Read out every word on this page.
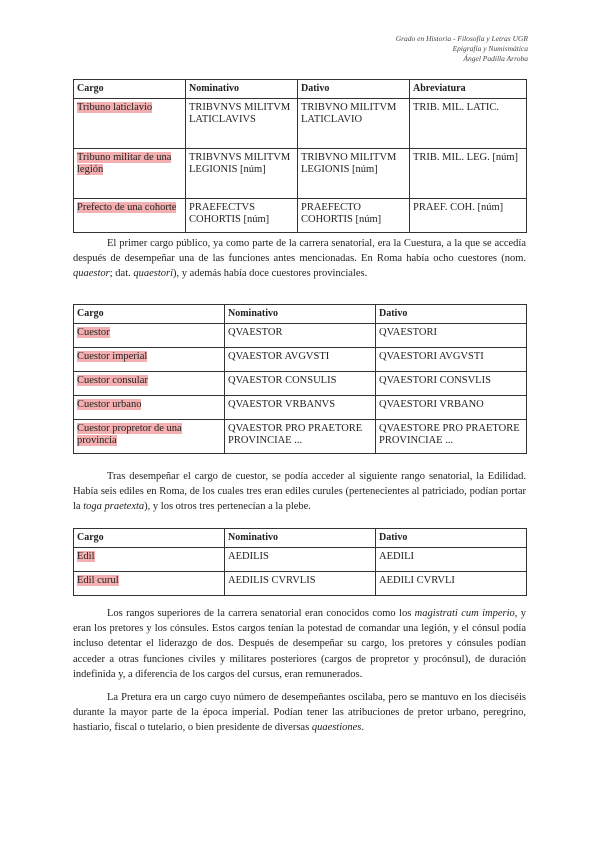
Grado en Historia - Filosofía y Letras UGR
Epigrafía y Numismática
Ángel Padilla Arroba
Cargo	Nominativo	Dativo	Abreviatura
Tribuno laticlavio	TRIBVNVS MILITVM LATICLAVIVS	TRIBVNO MILITVM LATICLAVIO	TRIB. MIL. LATIC.
Tribuno militar de una legión	TRIBVNVS MILITVM LEGIONIS [núm]	TRIBVNO MILITVM LEGIONIS [núm]	TRIB. MIL. LEG. [núm]
Prefecto de una cohorte	PRAEFECTVS COHORTIS [núm]	PRAEFECTO COHORTIS [núm]	PRAEF. COH. [núm]

El primer cargo público, ya como parte de la carrera senatorial, era la Cuestura, a la que se accedía después de desempeñar una de las funciones antes mencionadas. En Roma había ocho cuestores (nom. quaestor; dat. quaestori), y además había doce cuestores provinciales.

Cargo	Nominativo	Dativo
Cuestor	QVAESTOR	QVAESTORI
Cuestor imperial	QVAESTOR AVGVSTI	QVAESTORI AVGVSTI
Cuestor consular	QVAESTOR CONSULIS	QVAESTORI CONSVLIS
Cuestor urbano	QVAESTOR VRBANVS	QVAESTORI VRBANO
Cuestor propretor de una provincia	QVAESTOR PRO PRAETORE PROVINCIAE ...	QVAESTORE PRO PRAETORE PROVINCIAE ...

Tras desempeñar el cargo de cuestor, se podía acceder al siguiente rango senatorial, la Edilidad. Había seis ediles en Roma, de los cuales tres eran ediles curules (pertenecientes al patriciado, podían portar la toga praetexta), y los otros tres pertenecían a la plebe.

Cargo	Nominativo	Dativo
Edil	AEDILIS	AEDILI
Edil curul	AEDILIS CVRVLIS	AEDILI CVRVLI

Los rangos superiores de la carrera senatorial eran conocidos como los magistrati cum imperio, y eran los pretores y los cónsules. Estos cargos tenían la potestad de comandar una legión, y el cónsul podía incluso detentar el liderazgo de dos. Después de desempeñar su cargo, los pretores y cónsules podían acceder a otras funciones civiles y militares posteriores (cargos de propretor y procónsul), de duración indefinida y, a diferencia de los cargos del cursus, eran remunerados.

La Pretura era un cargo cuyo número de desempeñantes oscilaba, pero se mantuvo en los dieciséis durante la mayor parte de la época imperial. Podían tener las atribuciones de pretor urbano, peregrino, hastiario, fiscal o tutelario, o bien presidente de diversas quaestiones.
